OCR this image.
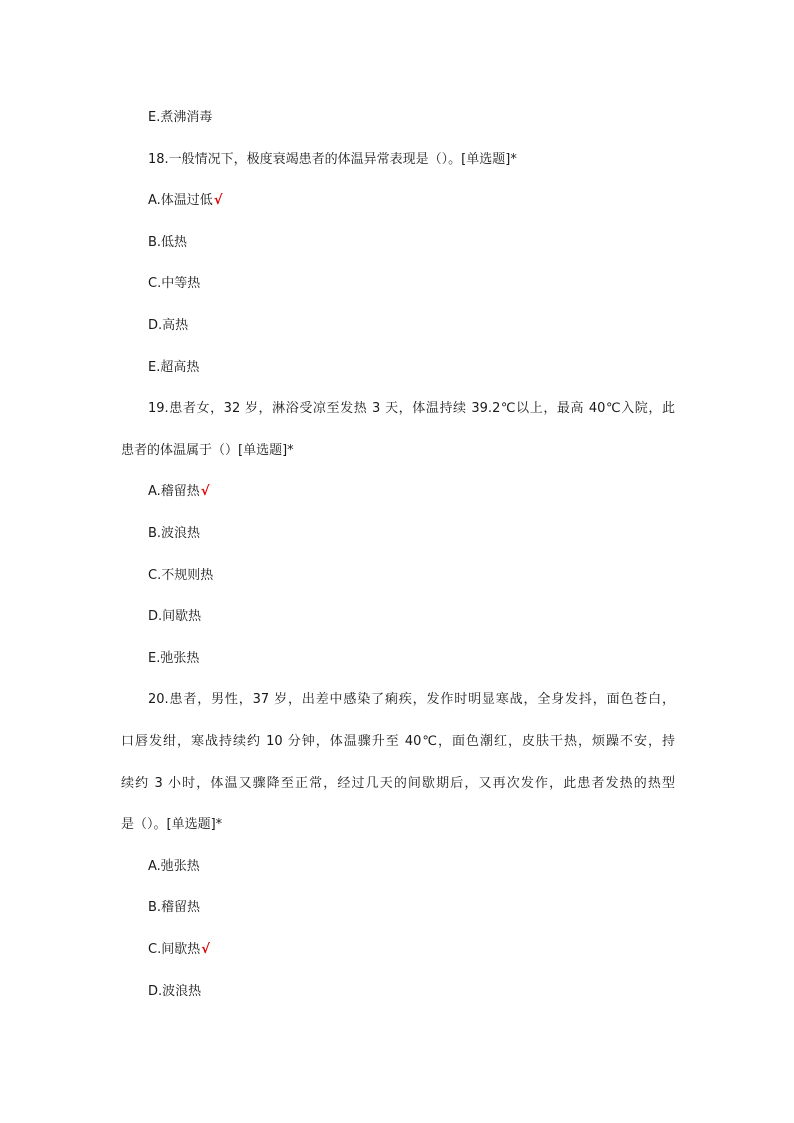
E.煮沸消毒
18.一般情况下，极度衰竭患者的体温异常表现是（）。[单选题]*
A.体温过低√
B.低热
C.中等热
D.高热
E.超高热
19.患者女，32 岁，淋浴受凉至发热 3 天，体温持续 39.2℃以上，最高 40℃入院，此
患者的体温属于（）[单选题]*
A.稽留热√
B.波浪热
C.不规则热
D.间歇热
E.弛张热
20.患者，男性，37 岁，出差中感染了痢疾，发作时明显寒战，全身发抖，面色苍白，
口唇发绀，寒战持续约 10 分钟，体温骤升至 40℃，面色潮红，皮肤干热，烦躁不安，持
续约 3 小时，体温又骤降至正常，经过几天的间歇期后，又再次发作，此患者发热的热型
是（）。[单选题]*
A.弛张热
B.稽留热
C.间歇热√
D.波浪热
